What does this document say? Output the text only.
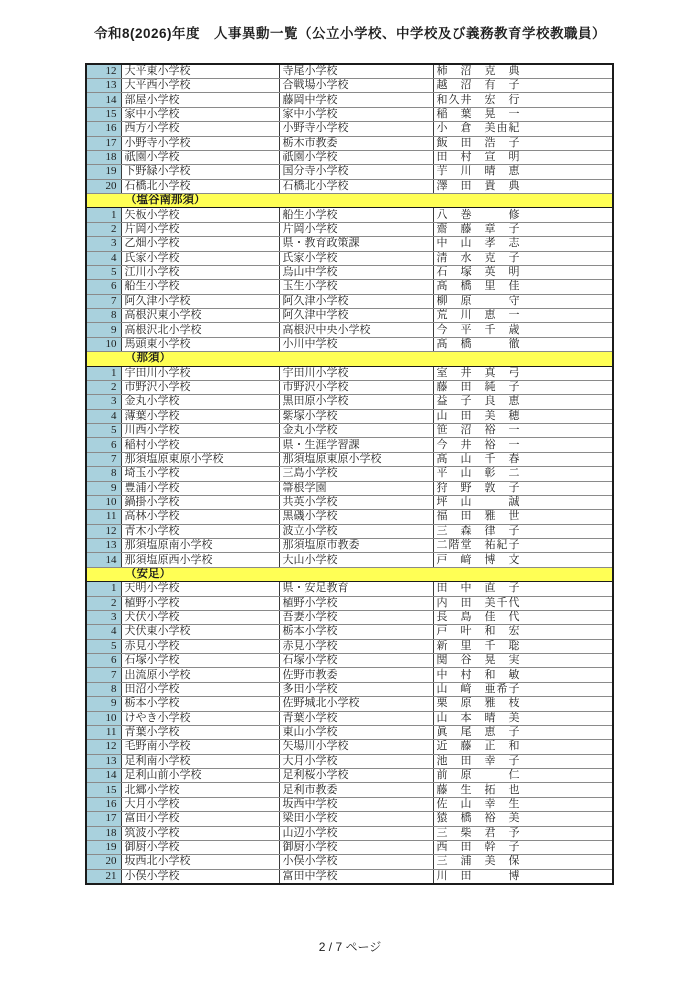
令和8(2026)年度　人事異動一覧（公立小学校、中学校及び義務教育学校教職員）
12	大平東小学校	寺尾小学校	柿　沼　克　典
13	大平西小学校	合戦場小学校	越　沼　有　子
14	部屋小学校	藤岡中学校	和久井　宏　行
15	家中小学校	家中小学校	稲　葉　晃　一
16	西方小学校	小野寺小学校	小　倉　美由紀
17	小野寺小学校	栃木市教委	飯　田　浩　子
18	祇園小学校	祇園小学校	田　村　宣　明
19	下野緑小学校	国分寺小学校	芋　川　晴　恵
20	石橋北小学校	石橋北小学校	澤　田　貴　典
（塩谷南那須）			
1	矢板小学校	船生小学校	八　巻　　　修
2	片岡小学校	片岡小学校	齋　藤　章　子
3	乙畑小学校	県・教育政策課	中　山　孝　志
4	氏家小学校	氏家小学校	清　水　克　子
5	江川小学校	烏山中学校	石　塚　英　明
6	船生小学校	玉生小学校	髙　橋　里　佳
7	阿久津小学校	阿久津小学校	柳　原　　　守
8	高根沢東小学校	阿久津中学校	荒　川　恵　一
9	高根沢北小学校	高根沢中央小学校	今　平　千　歳
10	馬頭東小学校	小川中学校	髙　橋　　　徹
（那須）			
1	宇田川小学校	宇田川小学校	室　井　真　弓
2	市野沢小学校	市野沢小学校	藤　田　純　子
3	金丸小学校	黒田原小学校	益　子　良　恵
4	薄葉小学校	紫塚小学校	山　田　美　穂
5	川西小学校	金丸小学校	笹　沼　裕　一
6	稲村小学校	県・生涯学習課	今　井　裕　一
7	那須塩原東原小学校	那須塩原東原小学校	髙　山　千　春
8	埼玉小学校	三島小学校	平　山　彰　二
9	豊浦小学校	箒根学園	狩　野　敦　子
10	鍋掛小学校	共英小学校	坪　山　　　誠
11	高林小学校	黒磯小学校	福　田　雅　世
12	青木小学校	波立小学校	三　森　律　子
13	那須塩原南小学校	那須塩原市教委	二階堂　祐紀子
14	那須塩原西小学校	大山小学校	戸　﨑　博　文
（安足）			
1	天明小学校	県・安足教育	田　中　直　子
2	植野小学校	植野小学校	内　田　美千代
3	犬伏小学校	吾妻小学校	長　島　佳　代
4	犬伏東小学校	栃本小学校	戸　叶　和　宏
5	赤見小学校	赤見小学校	新　里　千　聡
6	石塚小学校	石塚小学校	関　谷　晃　実
7	出流原小学校	佐野市教委	中　村　和　敏
8	田沼小学校	多田小学校	山　﨑　亜希子
9	栃本小学校	佐野城北小学校	栗　原　雅　枝
10	けやき小学校	青葉小学校	山　本　晴　美
11	青葉小学校	東山小学校	眞　尾　恵　子
12	毛野南小学校	矢場川小学校	近　藤　正　和
13	足利南小学校	大月小学校	池　田　幸　子
14	足利山前小学校	足利桜小学校	前　原　　　仁
15	北郷小学校	足利市教委	藤　生　拓　也
16	大月小学校	坂西中学校	佐　山　幸　生
17	富田小学校	梁田小学校	猿　橋　裕　美
18	筑波小学校	山辺小学校	三　柴　君　予
19	御厨小学校	御厨小学校	西　田　幹　子
20	坂西北小学校	小俣小学校	三　浦　美　保
21	小俣小学校	富田中学校	川　田　　　博
2 / 7 ページ
